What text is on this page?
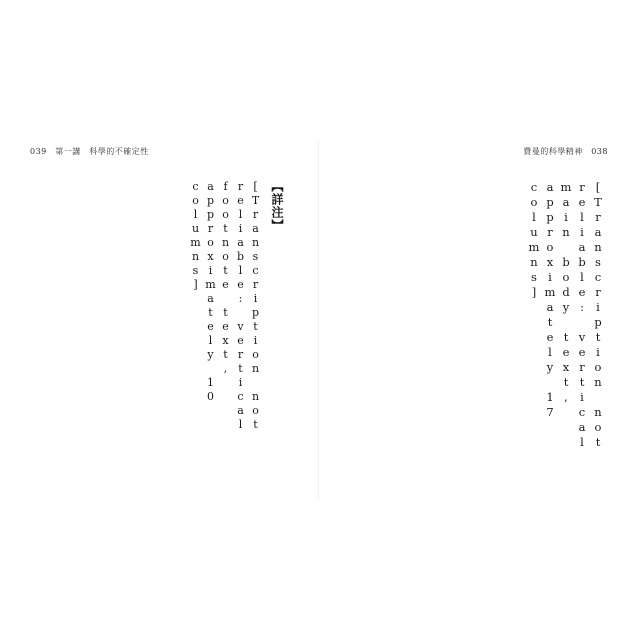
039　第一講　科學的不確定性
【詳注】

[Transcription not reliable: vertical footnote text, approximately 10 columns]

費曼的科學精神　038

[Transcription not reliable: vertical main body text, approximately 17 columns]
